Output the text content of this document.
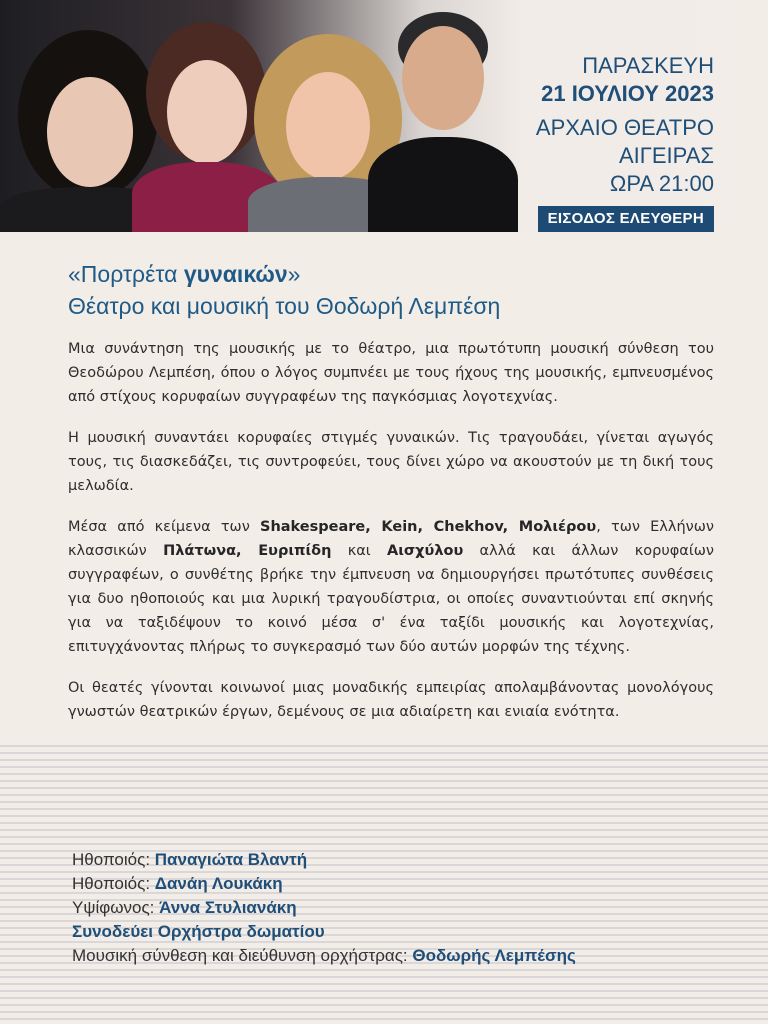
ΠΑΡΑΣΚΕΥΗ
21 ΙΟΥΛΙΟΥ 2023
ΑΡΧΑΙΟ ΘΕΑΤΡΟ
ΑΙΓΕΙΡΑΣ
ΩΡΑ 21:00
ΕΙΣΟΔΟΣ ΕΛΕΥΘΕΡΗ
«Πορτρέτα γυναικών»
Θέατρο και μουσική του Θοδωρή Λεμπέση

Μια συνάντηση της μουσικής με το θέατρο, μια πρωτότυπη μουσική σύνθεση του Θεοδώρου Λεμπέση, όπου ο λόγος συμπνέει με τους ήχους της μουσικής, εμπνευσμένος από στίχους κορυφαίων συγγραφέων της παγκόσμιας λογοτεχνίας.

Η μουσική συναντάει κορυφαίες στιγμές γυναικών. Τις τραγουδάει, γίνεται αγωγός τους, τις διασκεδάζει, τις συντροφεύει, τους δίνει χώρο να ακουστούν με τη δική τους μελωδία.

Μέσα από κείμενα των Shakespeare, Kein, Chekhov, Μολιέρου, των Ελλήνων κλασσικών Πλάτωνα, Ευριπίδη και Αισχύλου αλλά και άλλων κορυφαίων συγγραφέων, ο συνθέτης βρήκε την έμπνευση να δημιουργήσει πρωτότυπες συνθέσεις για δυο ηθοποιούς και μια λυρική τραγουδίστρια, οι οποίες συναντιούνται επί σκηνής για να ταξιδέψουν το κοινό μέσα σ' ένα ταξίδι μουσικής και λογοτεχνίας, επιτυγχάνοντας πλήρως το συγκερασμό των δύο αυτών μορφών της τέχνης.

Οι θεατές γίνονται κοινωνοί μιας μοναδικής εμπειρίας απολαμβάνοντας μονολόγους γνωστών θεατρικών έργων, δεμένους σε μια αδιαίρετη και ενιαία ενότητα.

Ηθοποιός: Παναγιώτα Βλαντή
Ηθοποιός: Δανάη Λουκάκη
Υψίφωνος: Άννα Στυλιανάκη
Συνοδεύει Ορχήστρα δωματίου
Μουσική σύνθεση και διεύθυνση ορχήστρας: Θοδωρής Λεμπέσης
